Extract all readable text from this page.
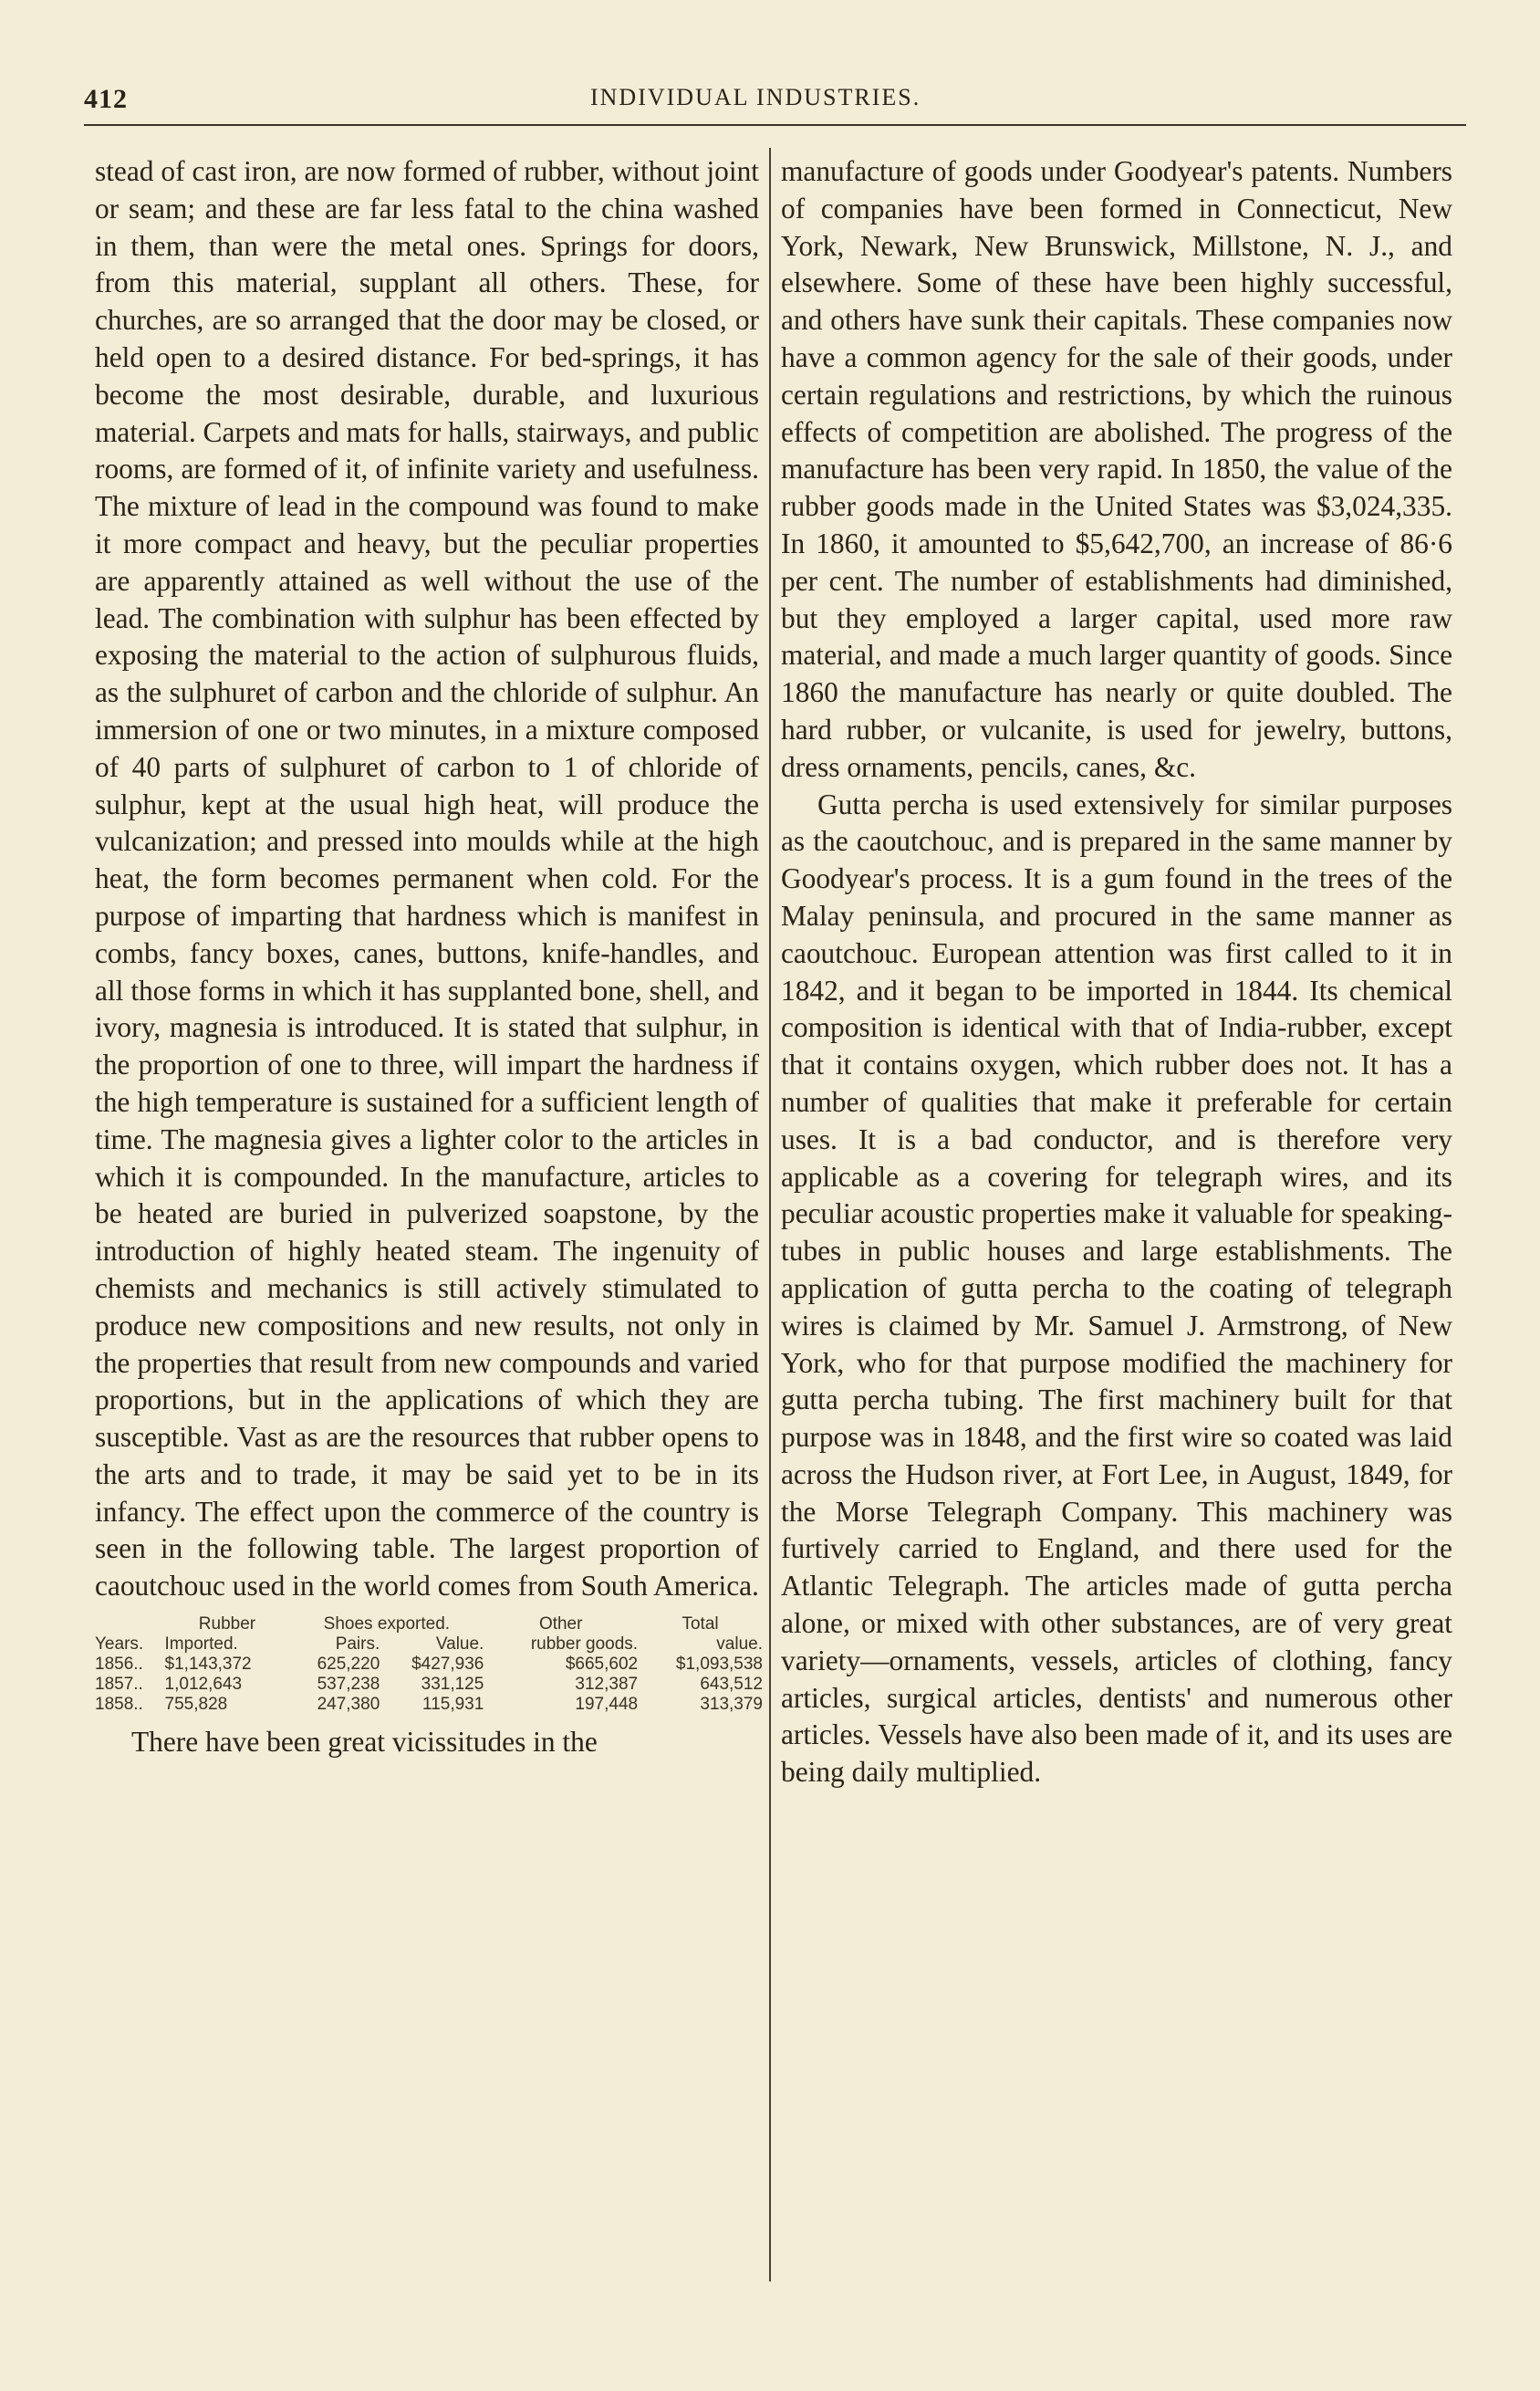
412	INDIVIDUAL INDUSTRIES.

stead of cast iron, are now formed of rubber, without joint or seam; and these are far less fatal to the china washed in them, than were the metal ones. Springs for doors, from this material, supplant all others. These, for churches, are so arranged that the door may be closed, or held open to a desired distance. For bed-springs, it has become the most desirable, durable, and luxurious material. Carpets and mats for halls, stairways, and public rooms, are formed of it, of infinite variety and usefulness. The mixture of lead in the compound was found to make it more compact and heavy, but the peculiar properties are apparently attained as well without the use of the lead. The combination with sulphur has been effected by exposing the material to the action of sulphurous fluids, as the sulphuret of carbon and the chloride of sulphur. An immersion of one or two minutes, in a mixture composed of 40 parts of sulphuret of carbon to 1 of chloride of sulphur, kept at the usual high heat, will produce the vulcanization; and pressed into moulds while at the high heat, the form becomes permanent when cold. For the purpose of imparting that hardness which is manifest in combs, fancy boxes, canes, buttons, knife-handles, and all those forms in which it has supplanted bone, shell, and ivory, magnesia is introduced. It is stated that sulphur, in the proportion of one to three, will impart the hardness if the high temperature is sustained for a sufficient length of time. The magnesia gives a lighter color to the articles in which it is compounded. In the manufacture, articles to be heated are buried in pulverized soapstone, by the introduction of highly heated steam. The ingenuity of chemists and mechanics is still actively stimulated to produce new compositions and new results, not only in the properties that result from new compounds and varied proportions, but in the applications of which they are susceptible. Vast as are the resources that rubber opens to the arts and to trade, it may be said yet to be in its infancy. The effect upon the commerce of the country is seen in the following table. The largest proportion of caoutchouc used in the world comes from South America.

	Rubber	Shoes exported.		Other	Total
Years.	Imported.	Pairs.	Value.	rubber goods.	value.
1856..	$1,143,372	625,220	$427,936	$665,602	$1,093,538
1857..	1,012,643	537,238	331,125	312,387	643,512
1858..	755,828	247,380	115,931	197,448	313,379

There have been great vicissitudes in the

manufacture of goods under Goodyear's patents. Numbers of companies have been formed in Connecticut, New York, Newark, New Brunswick, Millstone, N. J., and elsewhere. Some of these have been highly successful, and others have sunk their capitals. These companies now have a common agency for the sale of their goods, under certain regulations and restrictions, by which the ruinous effects of competition are abolished. The progress of the manufacture has been very rapid. In 1850, the value of the rubber goods made in the United States was $3,024,335. In 1860, it amounted to $5,642,700, an increase of 86·6 per cent. The number of establishments had diminished, but they employed a larger capital, used more raw material, and made a much larger quantity of goods. Since 1860 the manufacture has nearly or quite doubled. The hard rubber, or vulcanite, is used for jewelry, buttons, dress ornaments, pencils, canes, &c.

Gutta percha is used extensively for similar purposes as the caoutchouc, and is prepared in the same manner by Goodyear's process. It is a gum found in the trees of the Malay peninsula, and procured in the same manner as caoutchouc. European attention was first called to it in 1842, and it began to be imported in 1844. Its chemical composition is identical with that of India-rubber, except that it contains oxygen, which rubber does not. It has a number of qualities that make it preferable for certain uses. It is a bad conductor, and is therefore very applicable as a covering for telegraph wires, and its peculiar acoustic properties make it valuable for speaking-tubes in public houses and large establishments. The application of gutta percha to the coating of telegraph wires is claimed by Mr. Samuel J. Armstrong, of New York, who for that purpose modified the machinery for gutta percha tubing. The first machinery built for that purpose was in 1848, and the first wire so coated was laid across the Hudson river, at Fort Lee, in August, 1849, for the Morse Telegraph Company. This machinery was furtively carried to England, and there used for the Atlantic Telegraph. The articles made of gutta percha alone, or mixed with other substances, are of very great variety—ornaments, vessels, articles of clothing, fancy articles, surgical articles, dentists' and numerous other articles. Vessels have also been made of it, and its uses are being daily multiplied.
